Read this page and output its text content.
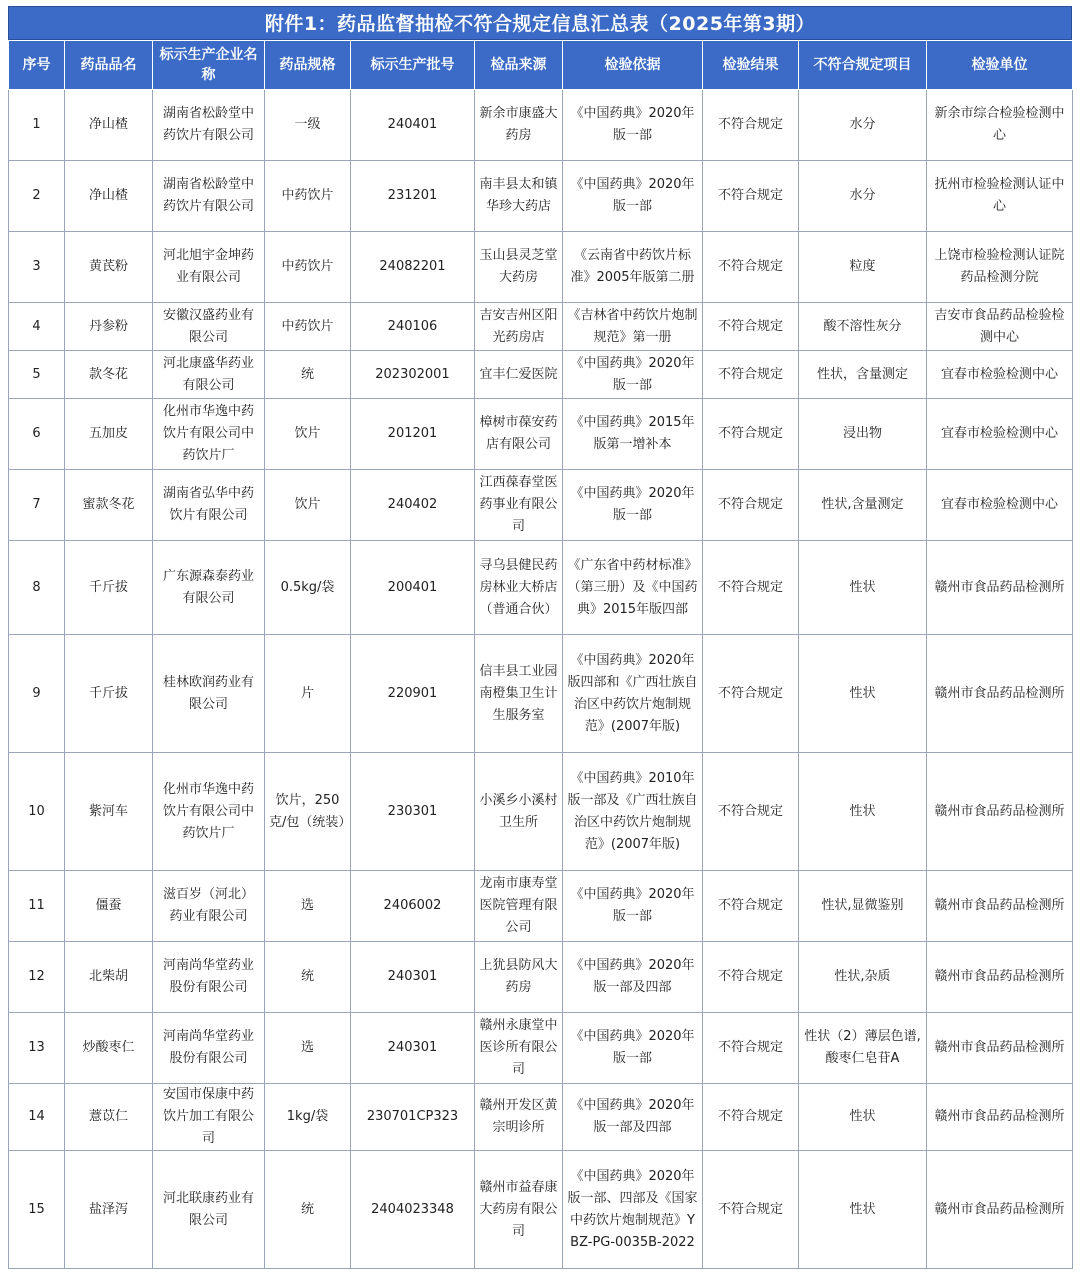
附件1：药品监督抽检不符合规定信息汇总表（2025年第3期）
序号	药品品名	标示生产企业名称	药品规格	标示生产批号	检品来源	检验依据	检验结果	不符合规定项目	检验单位
1	净山楂	湖南省松龄堂中药饮片有限公司	一级	240401	新余市康盛大药房	《中国药典》2020年版一部	不符合规定	水分	新余市综合检验检测中心
2	净山楂	湖南省松龄堂中药饮片有限公司	中药饮片	231201	南丰县太和镇华珍大药店	《中国药典》2020年版一部	不符合规定	水分	抚州市检验检测认证中心
3	黄芪粉	河北旭宇金坤药业有限公司	中药饮片	24082201	玉山县灵芝堂大药房	《云南省中药饮片标准》2005年版第二册	不符合规定	粒度	上饶市检验检测认证院药品检测分院
4	丹参粉	安徽汉盛药业有限公司	中药饮片	240106	吉安吉州区阳光药房店	《吉林省中药饮片炮制规范》第一册	不符合规定	酸不溶性灰分	吉安市食品药品检验检测中心
5	款冬花	河北康盛华药业有限公司	统	202302001	宜丰仁爱医院	《中国药典》2020年版一部	不符合规定	性状，含量测定	宜春市检验检测中心
6	五加皮	化州市华逸中药饮片有限公司中药饮片厂	饮片	201201	樟树市葆安药店有限公司	《中国药典》2015年版第一增补本	不符合规定	浸出物	宜春市检验检测中心
7	蜜款冬花	湖南省弘华中药饮片有限公司	饮片	240402	江西葆春堂医药事业有限公司	《中国药典》2020年版一部	不符合规定	性状,含量测定	宜春市检验检测中心
8	千斤拔	广东源森泰药业有限公司	0.5kg/袋	200401	寻乌县健民药房林业大桥店（普通合伙）	《广东省中药材标准》（第三册）及《中国药典》2015年版四部	不符合规定	性状	赣州市食品药品检测所
9	千斤拔	桂林欧润药业有限公司	片	220901	信丰县工业园南橙集卫生计生服务室	《中国药典》2020年版四部和《广西壮族自治区中药饮片炮制规范》(2007年版)	不符合规定	性状	赣州市食品药品检测所
10	紫河车	化州市华逸中药饮片有限公司中药饮片厂	饮片，250克/包（统装）	230301	小溪乡小溪村卫生所	《中国药典》2010年版一部及《广西壮族自治区中药饮片炮制规范》(2007年版)	不符合规定	性状	赣州市食品药品检测所
11	僵蚕	滋百岁（河北）药业有限公司	选	2406002	龙南市康寿堂医院管理有限公司	《中国药典》2020年版一部	不符合规定	性状,显微鉴别	赣州市食品药品检测所
12	北柴胡	河南尚华堂药业股份有限公司	统	240301	上犹县防风大药房	《中国药典》2020年版一部及四部	不符合规定	性状,杂质	赣州市食品药品检测所
13	炒酸枣仁	河南尚华堂药业股份有限公司	选	240301	赣州永康堂中医诊所有限公司	《中国药典》2020年版一部	不符合规定	性状（2）薄层色谱,酸枣仁皂苷A	赣州市食品药品检测所
14	薏苡仁	安国市保康中药饮片加工有限公司	1kg/袋	230701CP323	赣州开发区黄宗明诊所	《中国药典》2020年版一部及四部	不符合规定	性状	赣州市食品药品检测所
15	盐泽泻	河北联康药业有限公司	统	2404023348	赣州市益春康大药房有限公司	《中国药典》2020年版一部、四部及《国家中药饮片炮制规范》YBZ-PG-0035B-2022	不符合规定	性状	赣州市食品药品检测所
